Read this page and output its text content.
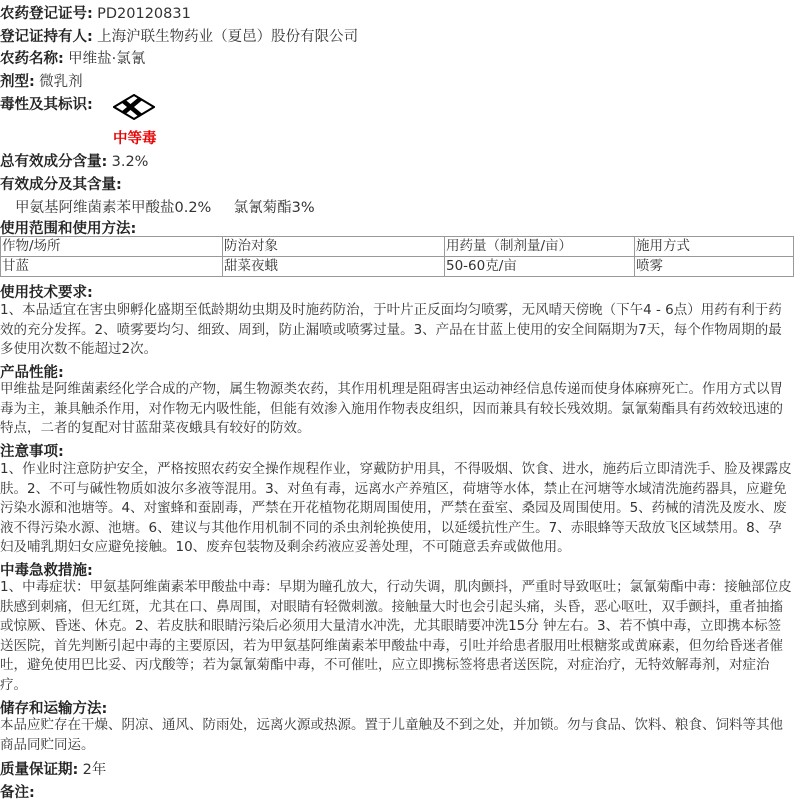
农药登记证号: PD20120831
登记证持有人: 上海沪联生物药业（夏邑）股份有限公司
农药名称: 甲维盐·氯氰
剂型: 微乳剂
毒性及其标识:
中等毒
总有效成分含量: 3.2%
有效成分及其含量:
甲氨基阿维菌素苯甲酸盐0.2% 氯氰菊酯3%
使用范围和使用方法:
作物/场所	防治对象	用药量（制剂量/亩）	施用方式
甘蓝	甜菜夜蛾	50-60克/亩	喷雾
使用技术要求:
1、本品适宜在害虫卵孵化盛期至低龄期幼虫期及时施药防治，于叶片正反面均匀喷雾，无风晴天傍晚（下午4 - 6点）用药有利于药效的充分发挥。2、喷雾要均匀、细致、周到，防止漏喷或喷雾过量。3、产品在甘蓝上使用的安全间隔期为7天，每个作物周期的最多使用次数不能超过2次。
产品性能:
甲维盐是阿维菌素经化学合成的产物，属生物源类农药，其作用机理是阻碍害虫运动神经信息传递而使身体麻痹死亡。作用方式以胃毒为主，兼具触杀作用，对作物无内吸性能，但能有效渗入施用作物表皮组织，因而兼具有较长残效期。氯氰菊酯具有药效较迅速的特点，二者的复配对甘蓝甜菜夜蛾具有较好的防效。
注意事项:
1、作业时注意防护安全，严格按照农药安全操作规程作业，穿戴防护用具，不得吸烟、饮食、进水，施药后立即清洗手、脸及裸露皮肤。2、不可与碱性物质如波尔多液等混用。3、对鱼有毒，远离水产养殖区，荷塘等水体，禁止在河塘等水域清洗施药器具，应避免污染水源和池塘等。4、对蜜蜂和蚕剧毒，严禁在开花植物花期周围使用，严禁在蚕室、桑园及周围使用。5、药械的清洗及废水、废液不得污染水源、池塘。6、建议与其他作用机制不同的杀虫剂轮换使用，以延缓抗性产生。7、赤眼蜂等天敌放飞区域禁用。8、孕妇及哺乳期妇女应避免接触。10、废弃包装物及剩余药液应妥善处理，不可随意丢弃或做他用。
中毒急救措施:
1、中毒症状：甲氨基阿维菌素苯甲酸盐中毒：早期为瞳孔放大，行动失调，肌肉颤抖，严重时导致呕吐；氯氰菊酯中毒：接触部位皮肤感到刺痛，但无红斑，尤其在口、鼻周围，对眼睛有轻微刺激。接触量大时也会引起头痛，头昏，恶心呕吐，双手颤抖，重者抽搐或惊厥、昏迷、休克。2、若皮肤和眼睛污染后必须用大量清水冲洗，尤其眼睛要冲洗15分 钟左右。3、若不慎中毒，立即携本标签送医院，首先判断引起中毒的主要原因，若为甲氨基阿维菌素苯甲酸盐中毒，引吐并给患者服用吐根糖浆或黄麻素，但勿给昏迷者催吐，避免使用巴比妥、丙戊酸等；若为氯氰菊酯中毒，不可催吐，应立即携标签将患者送医院，对症治疗，无特效解毒剂，对症治疗。
储存和运输方法:
本品应贮存在干燥、阴凉、通风、防雨处，远离火源或热源。置于儿童触及不到之处，并加锁。勿与食品、饮料、粮食、饲料等其他商品同贮同运。
质量保证期: 2年
备注:
